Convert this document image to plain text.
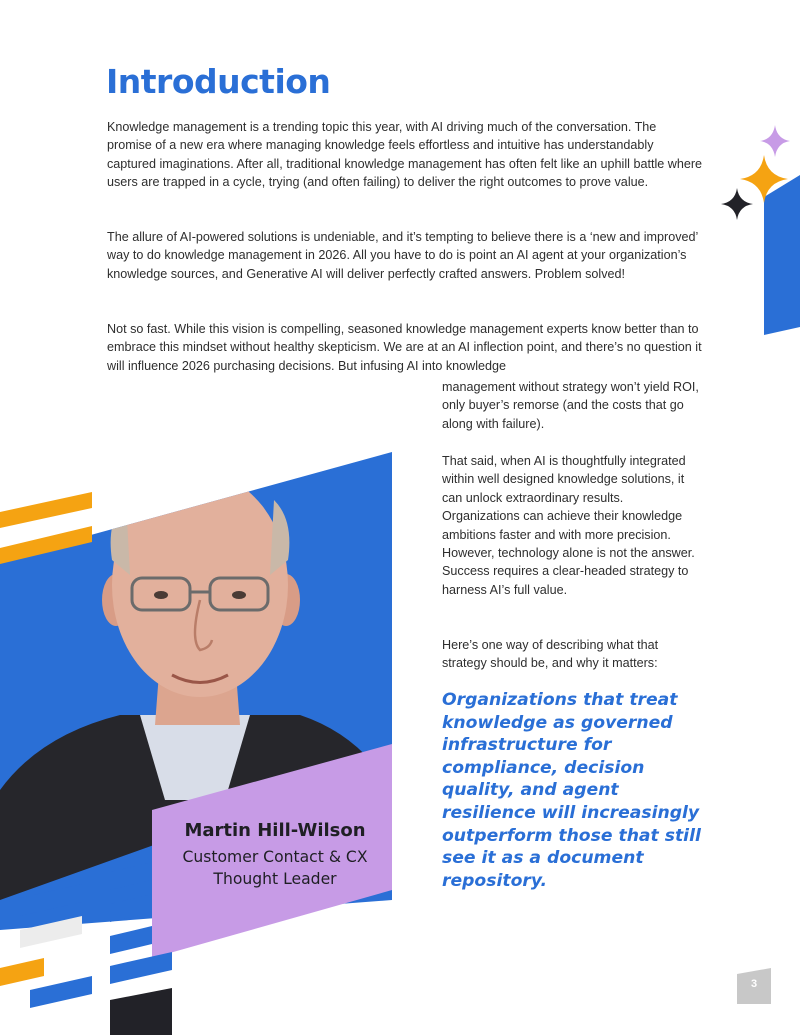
Introduction

Knowledge management is a trending topic this year, with AI driving much of the conversation. The promise of a new era where managing knowledge feels effortless and intuitive has understandably captured imaginations. After all, traditional knowledge management has often felt like an uphill battle where users are trapped in a cycle, trying (and often failing) to deliver the right outcomes to prove value.

The allure of AI-powered solutions is undeniable, and it’s tempting to believe there is a ‘new and improved’ way to do knowledge management in 2026. All you have to do is point an AI agent at your organization’s knowledge sources, and Generative AI will deliver perfectly crafted answers. Problem solved!

Not so fast. While this vision is compelling, seasoned knowledge management experts know better than to embrace this mindset without healthy skepticism. We are at an AI inflection point, and there’s no question it will influence 2026 purchasing decisions. But infusing AI into knowledge

management without strategy won’t yield ROI, only buyer’s remorse (and the costs that go along with failure).

That said, when AI is thoughtfully integrated within well designed knowledge solutions, it can unlock extraordinary results. Organizations can achieve their knowledge ambitions faster and with more precision. However, technology alone is not the answer. Success requires a clear-headed strategy to harness AI’s full value.

Here’s one way of describing what that strategy should be, and why it matters:

Organizations that treat knowledge as governed infrastructure for compliance, decision quality, and agent resilience will increasingly outperform those that still see it as a document repository.

Martin Hill-Wilson
Customer Contact & CX Thought Leader
3
